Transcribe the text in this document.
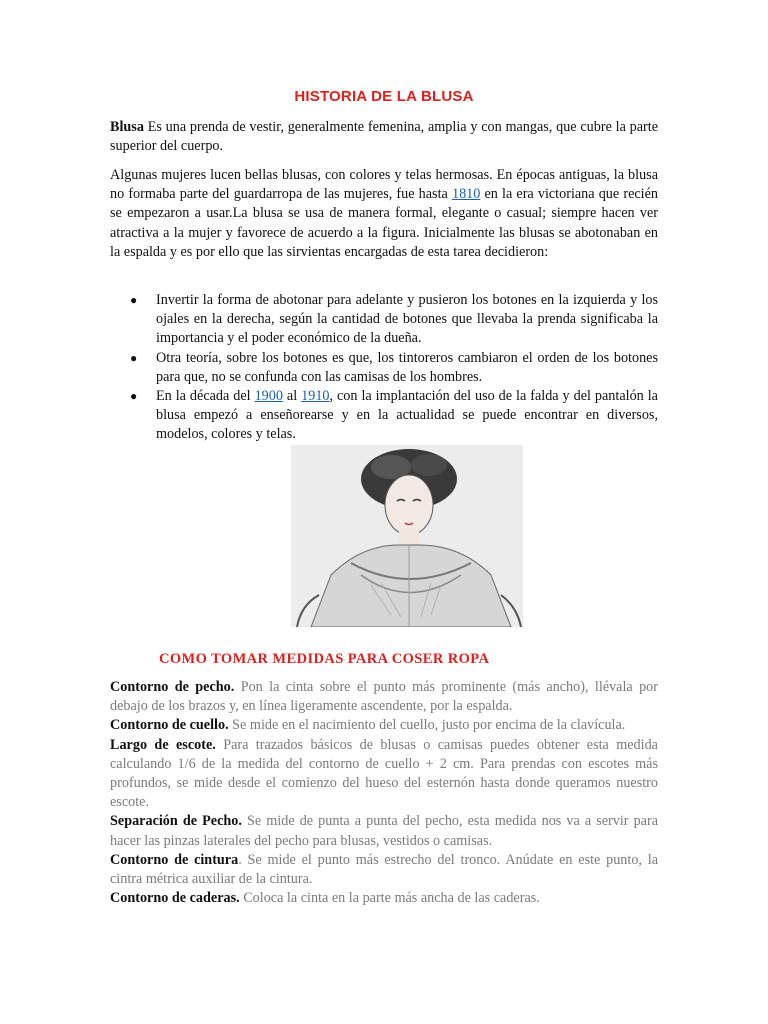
HISTORIA DE LA BLUSA

Blusa Es una prenda de vestir, generalmente femenina, amplia y con mangas, que cubre la parte superior del cuerpo.

Algunas mujeres lucen bellas blusas, con colores y telas hermosas. En épocas antiguas, la blusa no formaba parte del guardarropa de las mujeres, fue hasta 1810 en la era victoriana que recién se empezaron a usar.La blusa se usa de manera formal, elegante o casual; siempre hacen ver atractiva a la mujer y favorece de acuerdo a la figura. Inicialmente las blusas se abotonaban en la espalda y es por ello que las sirvientas encargadas de esta tarea decidieron:

● Invertir la forma de abotonar para adelante y pusieron los botones en la izquierda y los ojales en la derecha, según la cantidad de botones que llevaba la prenda significaba la importancia y el poder económico de la dueña.
● Otra teoría, sobre los botones es que, los tintoreros cambiaron el orden de los botones para que, no se confunda con las camisas de los hombres.
● En la década del 1900 al 1910, con la implantación del uso de la falda y del pantalón la blusa empezó a enseñorearse y en la actualidad se puede encontrar en diversos, modelos, colores y telas.
COMO TOMAR MEDIDAS PARA COSER ROPA

Contorno de pecho. Pon la cinta sobre el punto más prominente (más ancho), llévala por debajo de los brazos y, en línea ligeramente ascendente, por la espalda.

Contorno de cuello. Se mide en el nacimiento del cuello, justo por encima de la clavícula.

Largo de escote. Para trazados básicos de blusas o camisas puedes obtener esta medida calculando 1/6 de la medida del contorno de cuello + 2 cm. Para prendas con escotes más profundos, se mide desde el comienzo del hueso del esternón hasta donde queramos nuestro escote.

Separación de Pecho. Se mide de punta a punta del pecho, esta medida nos va a servir para hacer las pinzas laterales del pecho para blusas, vestidos o camisas.

Contorno de cintura. Se mide el punto más estrecho del tronco. Anúdate en este punto, la cintra métrica auxiliar de la cintura.

Contorno de caderas. Coloca la cinta en la parte más ancha de las caderas.
